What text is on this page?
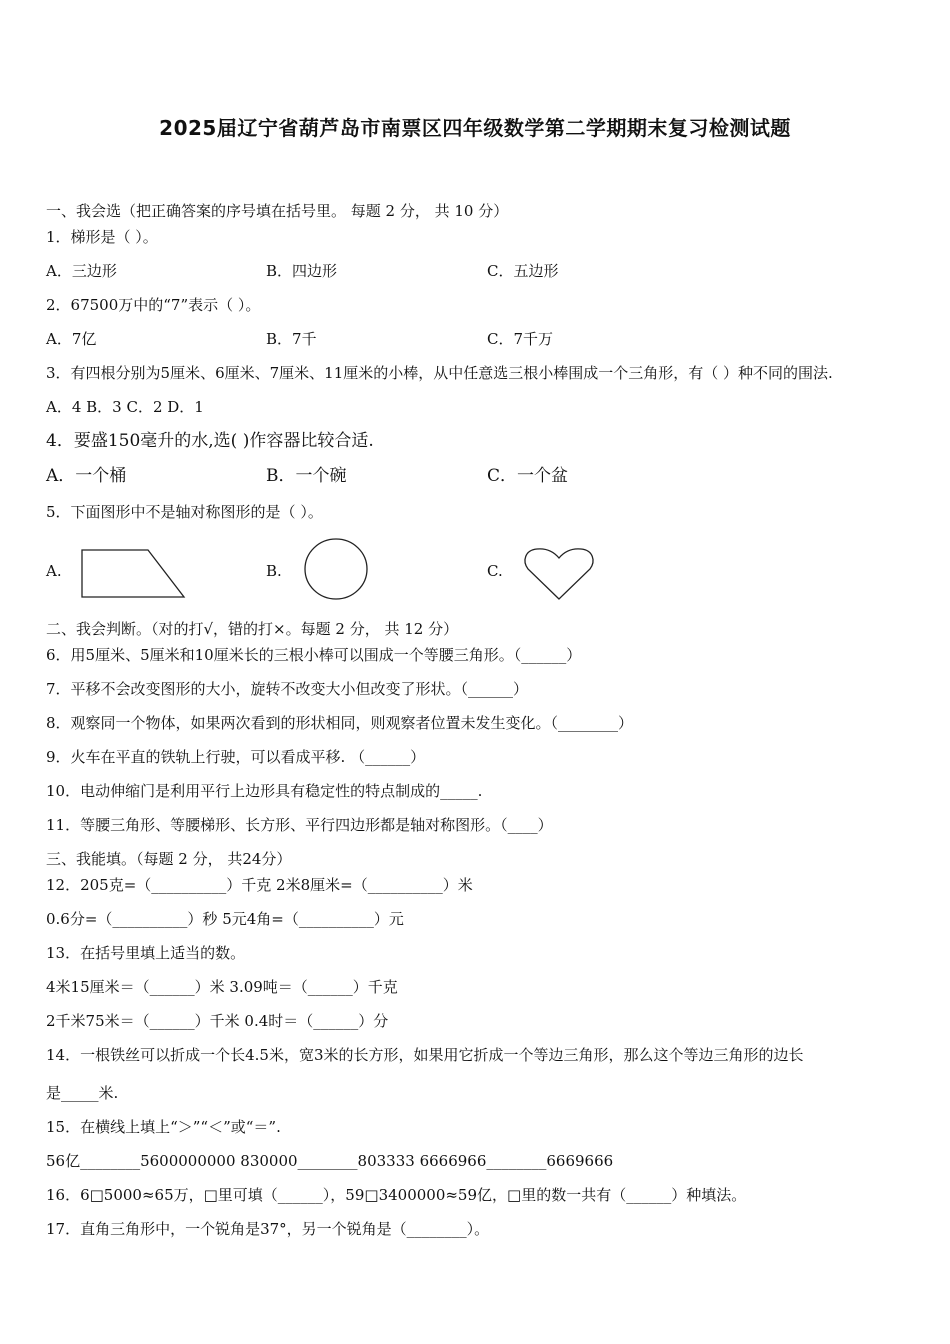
2025届辽宁省葫芦岛市南票区四年级数学第二学期期末复习检测试题
一、我会选（把正确答案的序号填在括号里。 每题 2 分， 共 10 分）
1．梯形是（ ）。
A．三边形	B．四边形	C．五边形
2．67500万中的“7”表示（ ）。
A．7亿	B．7千	C．7千万
3．有四根分别为5厘米、6厘米、7厘米、11厘米的小棒，从中任意选三根小棒围成一个三角形，有（ ）种不同的围法.
A．4 B．3 C．2 D．1
4．要盛150毫升的水,选( )作容器比较合适.
A．一个桶	B．一个碗	C．一个盆
5．下面图形中不是轴对称图形的是（ ）。
A.	B.	C.
二、我会判断。（对的打√，错的打×。每题 2 分， 共 12 分）
6．用5厘米、5厘米和10厘米长的三根小棒可以围成一个等腰三角形。（______）
7．平移不会改变图形的大小，旋转不改变大小但改变了形状。（______）
8．观察同一个物体，如果两次看到的形状相同，则观察者位置未发生变化。（________）
9．火车在平直的铁轨上行驶，可以看成平移. （______）
10．电动伸缩门是利用平行上边形具有稳定性的特点制成的_____.
11．等腰三角形、等腰梯形、长方形、平行四边形都是轴对称图形。（____）
三、我能填。（每题 2 分， 共24分）
12．205克=（__________）千克 2米8厘米=（__________）米
0.6分=（__________）秒 5元4角=（__________）元
13．在括号里填上适当的数。
4米15厘米＝（______）米 3.09吨＝（______）千克
2千米75米＝（______）千米 0.4时＝（______）分
14．一根铁丝可以折成一个长4.5米，宽3米的长方形，如果用它折成一个等边三角形，那么这个等边三角形的边长
是_____米.
15．在横线上填上“＞”“＜”或“＝”.
56亿________5600000000 830000________803333 6666966________6669666
16．6□5000≈65万，□里可填（______），59□3400000≈59亿，□里的数一共有（______）种填法。
17．直角三角形中，一个锐角是37°，另一个锐角是（________）。
